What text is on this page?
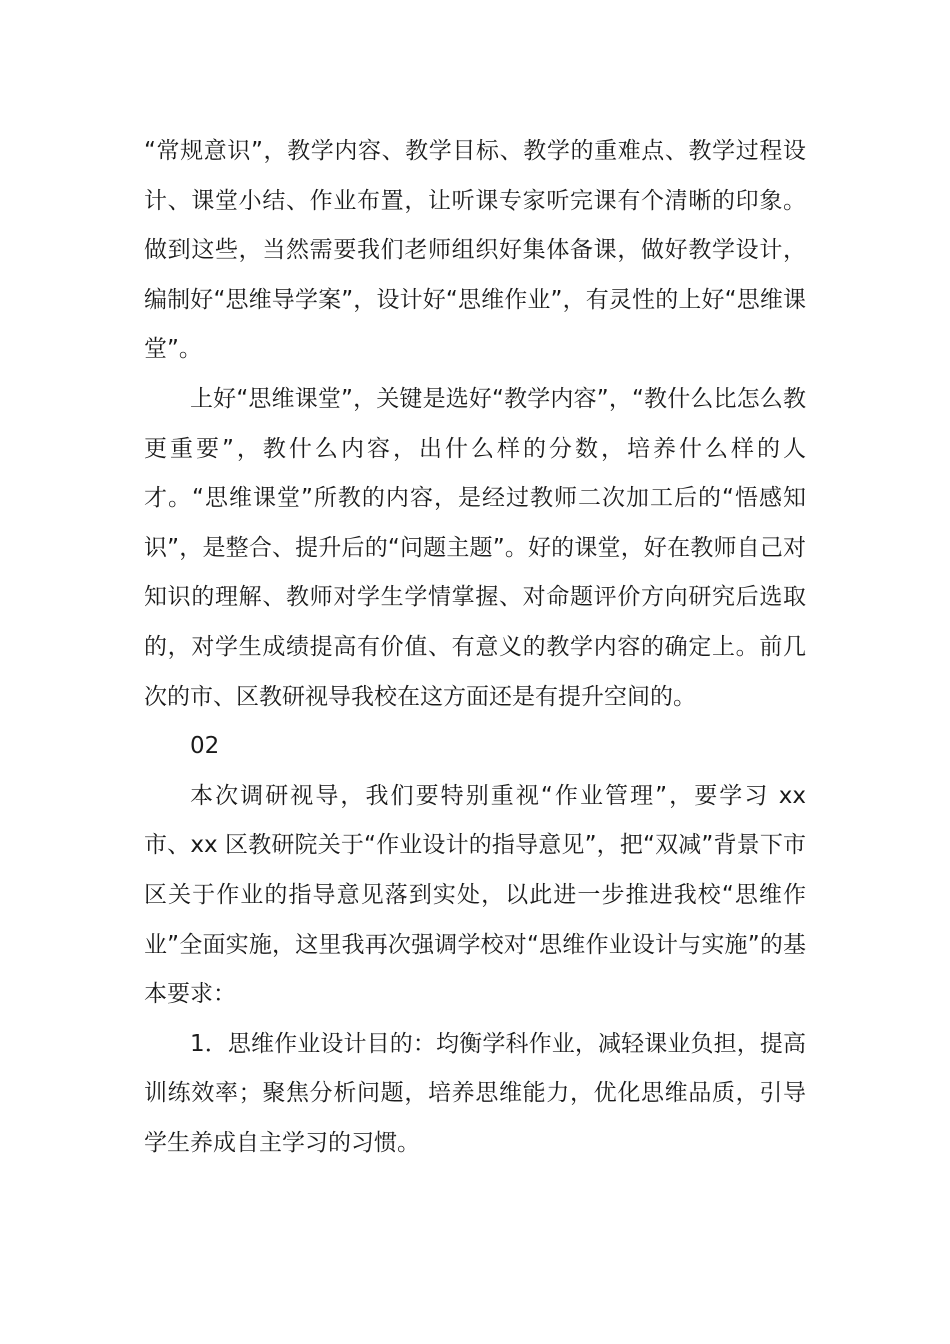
“常规意识”，教学内容、教学目标、教学的重难点、教学过程设计、课堂小结、作业布置，让听课专家听完课有个清晰的印象。做到这些，当然需要我们老师组织好集体备课，做好教学设计，编制好“思维导学案”，设计好“思维作业”，有灵性的上好“思维课堂”。

上好“思维课堂”，关键是选好“教学内容”，“教什么比怎么教更重要”，教什么内容，出什么样的分数，培养什么样的人才。“思维课堂”所教的内容，是经过教师二次加工后的“悟感知识”，是整合、提升后的“问题主题”。好的课堂，好在教师自己对知识的理解、教师对学生学情掌握、对命题评价方向研究后选取的，对学生成绩提高有价值、有意义的教学内容的确定上。前几次的市、区教研视导我校在这方面还是有提升空间的。

02

本次调研视导，我们要特别重视“作业管理”，要学习 xx 市、xx 区教研院关于“作业设计的指导意见”，把“双减”背景下市区关于作业的指导意见落到实处，以此进一步推进我校“思维作业”全面实施，这里我再次强调学校对“思维作业设计与实施”的基本要求：

1．思维作业设计目的：均衡学科作业，减轻课业负担，提高训练效率；聚焦分析问题，培养思维能力，优化思维品质，引导学生养成自主学习的习惯。
